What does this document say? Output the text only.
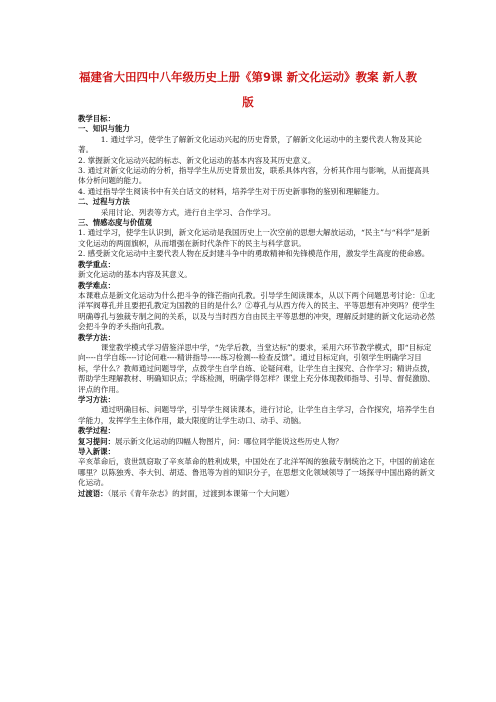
福建省大田四中八年级历史上册《第9课 新文化运动》教案 新人教
版

教学目标：

一、知识与能力

1. 通过学习，使学生了解新文化运动兴起的历史背景，了解新文化运动中的主要代表人物及其论著。

2. 掌握新文化运动兴起的标志、新文化运动的基本内容及其历史意义。

3. 通过对新文化运动的分析，指导学生从历史背景出发，联系具体内容，分析其作用与影响，从而提高具体分析问题的能力。

4. 通过指导学生阅读书中有关白话文的材料，培养学生对于历史新事物的鉴别和理解能力。

二、过程与方法

采用讨论、列表等方式，进行自主学习、合作学习。

三、情感态度与价值观

1. 通过学习，使学生认识到，新文化运动是我国历史上一次空前的思想大解放运动，“民主”与“科学”是新文化运动的两面旗帜，从而增强在新时代条件下的民主与科学意识。

2. 感受新文化运动中主要代表人物在反封建斗争中的勇敢精神和先锋模范作用，激发学生高度的使命感。

教学重点：

新文化运动的基本内容及其意义。

教学难点：

本课难点是新文化运动为什么把斗争的锋芒指向孔教。引导学生阅读课本，从以下两个问题思考讨论：①北洋军阀尊孔并且要把孔教定为国教的目的是什么？②尊孔与从西方传入的民主、平等思想有冲突吗？使学生明确尊孔与独裁专制之间的关系，以及与当时西方自由民主平等思想的冲突，理解反封建的新文化运动必然会把斗争的矛头指向孔教。

教学方法：

课堂教学模式学习借鉴洋思中学，“先学后教，当堂达标”的要求，采用六环节教学模式，即“目标定向----自学自练----讨论问难----精讲指导-----练习检测---检查反馈”。通过目标定向，引领学生明确学习目标，学什么？教师通过问题导学，点拨学生自学自练、论疑问难，让学生自主探究、合作学习；精讲点拨，帮助学生理解教材、明确知识点；学练检测，明确学得怎样？课堂上充分体现教师指导、引导、督促激励、评点的作用。

学习方法：

通过明确目标、问题导学，引导学生阅读课本，进行讨论，让学生自主学习，合作探究，培养学生自学能力，发挥学生主体作用，最大限度的让学生动口、动手、动脑。

教学过程：

复习提问：展示新文化运动的四幅人物图片，问：哪位同学能说这些历史人物？

导入新课：

辛亥革命后，袁世凯窃取了辛亥革命的胜利成果，中国处在了北洋军阀的独裁专制统治之下，中国的前途在哪里？以陈独秀、李大钊、胡适、鲁迅等为首的知识分子，在思想文化领域领导了一场探寻中国出路的新文化运动。

过渡语：（展示《青年杂志》的封面，过渡到本课第一个大问题）
